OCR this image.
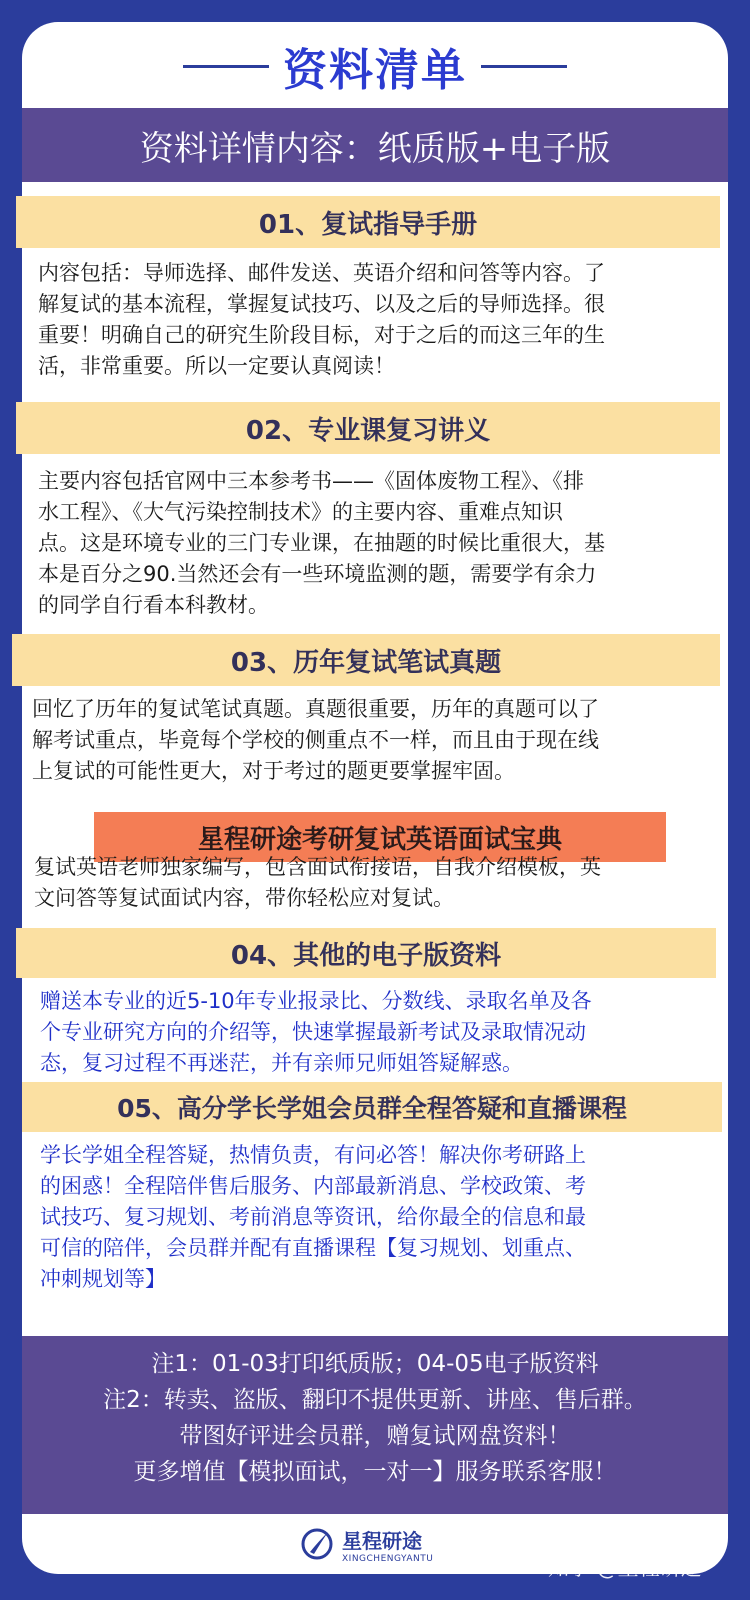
资料清单
资料详情内容：纸质版+电子版
01、复试指导手册
内容包括：导师选择、邮件发送、英语介绍和问答等内容。了
解复试的基本流程，掌握复试技巧、以及之后的导师选择。很
重要！明确自己的研究生阶段目标，对于之后的而这三年的生
活，非常重要。所以一定要认真阅读！
02、专业课复习讲义
主要内容包括官网中三本参考书——《固体废物工程》、《排
水工程》、《大气污染控制技术》的主要内容、重难点知识
点。这是环境专业的三门专业课，在抽题的时候比重很大，基
本是百分之90.当然还会有一些环境监测的题，需要学有余力
的同学自行看本科教材。
03、历年复试笔试真题
回忆了历年的复试笔试真题。真题很重要，历年的真题可以了
解考试重点，毕竟每个学校的侧重点不一样，而且由于现在线
上复试的可能性更大，对于考过的题更要掌握牢固。
星程研途考研复试英语面试宝典
复试英语老师独家编写，包含面试衔接语，自我介绍模板，英
文问答等复试面试内容，带你轻松应对复试。
04、其他的电子版资料
赠送本专业的近5-10年专业报录比、分数线、录取名单及各
个专业研究方向的介绍等，快速掌握最新考试及录取情况动
态，复习过程不再迷茫，并有亲师兄师姐答疑解惑。
05、高分学长学姐会员群全程答疑和直播课程
学长学姐全程答疑，热情负责，有问必答！解决你考研路上
的困惑！全程陪伴售后服务、内部最新消息、学校政策、考
试技巧、复习规划、考前消息等资讯，给你最全的信息和最
可信的陪伴，会员群并配有直播课程【复习规划、划重点、
冲刺规划等】
注1：01-03打印纸质版；04-05电子版资料
注2：转卖、盗版、翻印不提供更新、讲座、售后群。
带图好评进会员群，赠复试网盘资料！
更多增值【模拟面试，一对一】服务联系客服！
星程研途
XINGCHENGYANTU	知乎 @星程研途
